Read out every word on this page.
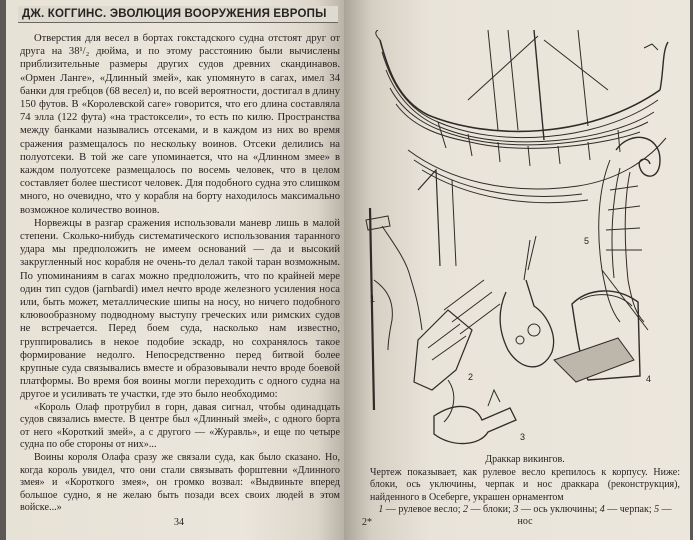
ДЖ. КОГГИНС. ЭВОЛЮЦИЯ ВООРУЖЕНИЯ ЕВРОПЫ

Отверстия для весел в бортах гокстадского судна отстоят друг от друга на 38¹/₂ дюйма, и по этому расстоянию были вычислены приблизительные размеры других судов древних скандинавов. «Ормен Ланге», «Длинный змей», как упомянуто в сагах, имел 34 банки для гребцов (68 весел) и, по всей вероятности, достигал в длину 150 футов. В «Королевской саге» говорится, что его длина составляла 74 элла (122 фута) «на трастоксели», то есть по килю. Пространства между банками назывались отсеками, и в каждом из них во время сражения размещалось по нескольку воинов. Отсеки делились на полуотсеки. В той же саге упоминается, что на «Длинном змее» в каждом полуотсеке размещалось по восемь человек, что в целом составляет более шестисот человек. Для подобного судна это слишком много, но очевидно, что у корабля на борту находилось максимально возможное количество воинов.

Норвежцы в разгар сражения использовали маневр лишь в малой степени. Сколько-нибудь систематического использования таранного удара мы предположить не имеем оснований — да и высокий закругленный нос корабля не очень-то делал такой таран возможным. По упоминаниям в сагах можно предположить, что по крайней мере один тип судов (jarnbardi) имел нечто вроде железного усиления носа или, быть может, металлические шипы на носу, но ничего подобного клювообразному подводному выступу греческих или римских судов не встречается. Перед боем суда, насколько нам известно, группировались в некое подобие эскадр, но сохранялось такое формирование недолго. Непосредственно перед битвой более крупные суда связывались вместе и образовывали нечто вроде боевой платформы. Во время боя воины могли переходить с одного судна на другое и усиливать те участки, где это было необходимо:

«Король Олаф протрубил в горн, давая сигнал, чтобы одинадцать судов связались вместе. В центре был «Длинный змей», с одного борта от него «Короткий змей», а с другого — «Журавль», и еще по четыре судна по обе стороны от них»...

Воины короля Олафа сразу же связали суда, как было сказано. Но, когда король увидел, что они стали связывать форштевни «Длинного змея» и «Короткого змея», он громко возвал: «Выдвиньте вперед большое судно, я не желаю быть позади всех своих людей в этом войске...»

34
1
2
3
4
5
Драккар викингов.
Чертеж показывает, как рулевое весло крепилось к корпусу. Ниже: блоки, ось уключины, черпак и нос драккара (реконструкция), найденного в Осеберге, украшен орнаментом
1 — рулевое весло; 2 — блоки; 3 — ось уключины; 4 — черпак; 5 — нос
2*
